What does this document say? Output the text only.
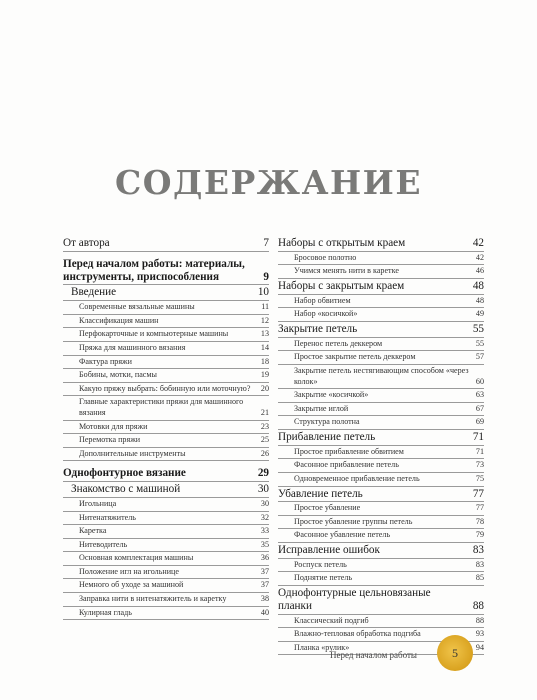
СОДЕРЖАНИЕ
От автора	7
Перед началом работы: материалы, инструменты, приспособления	9
Введение	10
Современные вязальные машины	11
Классификация машин	12
Перфокарточные и компьютерные машины	13
Пряжа для машинного вязания	14
Фактура пряжи	18
Бобины, мотки, пасмы	19
Какую пряжу выбрать: бобинную или моточную?	20
Главные характеристики пряжи для машинного вязания	21
Мотовки для пряжи	23
Перемотка пряжи	25
Дополнительные инструменты	26
Однофонтурное вязание	29
Знакомство с машиной	30
Игольница	30
Нитенатяжитель	32
Каретка	33
Нитеводитель	35
Основная комплектация машины	36
Положение игл на игольнице	37
Немного об уходе за машиной	37
Заправка нити в нитенатяжитель и каретку	38
Кулирная гладь	40
Наборы с открытым краем	42
Бросовое полотно	42
Учимся менять нити в каретке	46
Наборы с закрытым краем	48
Набор обвитием	48
Набор «косичкой»	49
Закрытие петель	55
Перенос петель деккером	55
Простое закрытие петель деккером	57
Закрытие петель нестягивающим способом «через колок»	60
Закрытие «косичкой»	63
Закрытие иглой	67
Структура полотна	69
Прибавление петель	71
Простое прибавление обвитием	71
Фасонное прибавление петель	73
Одновременное прибавление петель	75
Убавление петель	77
Простое убавление	77
Простое убавление группы петель	78
Фасонное убавление петель	79
Исправление ошибок	83
Роспуск петель	83
Поднятие петель	85
Однофонтурные цельновязаные планки	88
Классический подгиб	88
Влажно-тепловая обработка подгиба	93
Планка «рулик»	94
Перед началом работы	5
